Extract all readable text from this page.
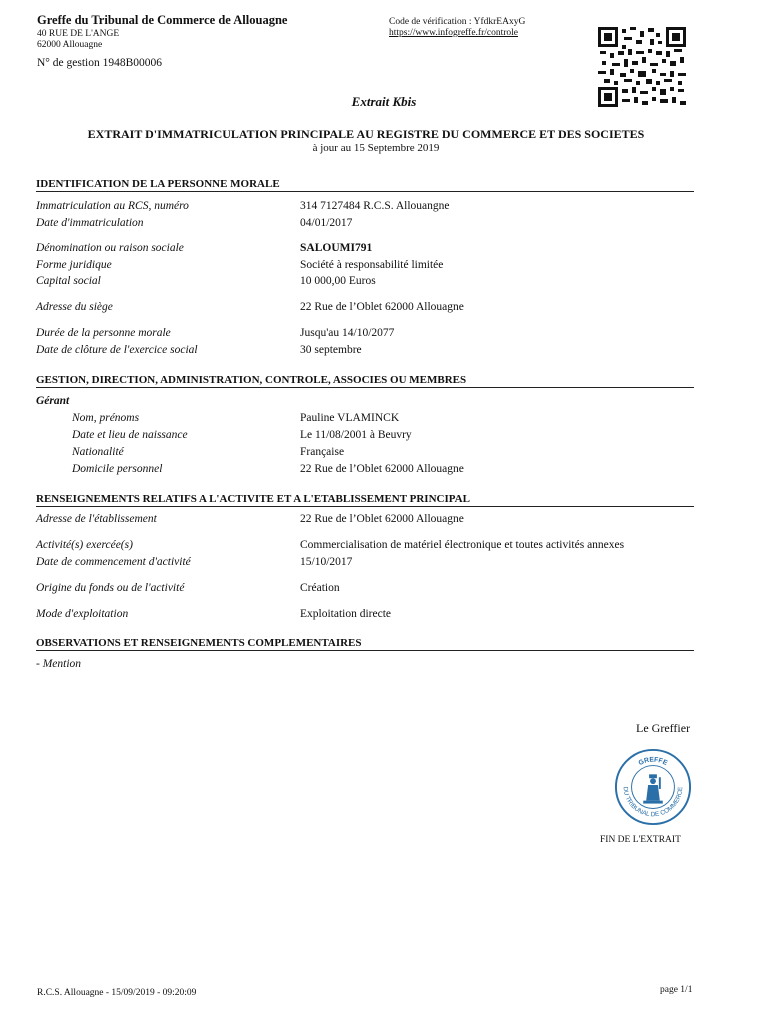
Greffe du Tribunal de Commerce de Allouagne
40 RUE DE L'ANGE
62000 Allouagne
Code de vérification : YfdkrEAxyG
https://www.infogreffe.fr/controle
N° de gestion 1948B00006
Extrait Kbis
EXTRAIT D'IMMATRICULATION PRINCIPALE AU REGISTRE DU COMMERCE ET DES SOCIETES
à jour au 15 Septembre 2019
IDENTIFICATION DE LA PERSONNE MORALE
Immatriculation au RCS, numéro	314 7127484 R.C.S. Allouangne
Date d'immatriculation	04/01/2017
Dénomination ou raison sociale	SALOUMI791
Forme juridique	Société à responsabilité limitée
Capital social	10 000,00 Euros
Adresse du siège	22 Rue de l’Oblet 62000 Allouagne
Durée de la personne morale	Jusqu'au 14/10/2077
Date de clôture de l'exercice social	30 septembre
GESTION, DIRECTION, ADMINISTRATION, CONTROLE, ASSOCIES OU MEMBRES
Gérant
Nom, prénoms	Pauline VLAMINCK
Date et lieu de naissance	Le 11/08/2001 à Beuvry
Nationalité	Française
Domicile personnel	22 Rue de l’Oblet 62000 Allouagne
RENSEIGNEMENTS RELATIFS A L'ACTIVITE ET A L'ETABLISSEMENT PRINCIPAL
Adresse de l'établissement	22 Rue de l’Oblet 62000 Allouagne
Activité(s) exercée(s)	Commercialisation de matériel électronique et toutes activités annexes
Date de commencement d'activité	15/10/2017
Origine du fonds ou de l'activité	Création
Mode d'exploitation	Exploitation directe
OBSERVATIONS ET RENSEIGNEMENTS COMPLEMENTAIRES
- Mention
Le Greffier
GREFFE
DU TRIBUNAL DE COMMERCE
FIN DE L'EXTRAIT
R.C.S. Allouagne - 15/09/2019 - 09:20:09	page 1/1
